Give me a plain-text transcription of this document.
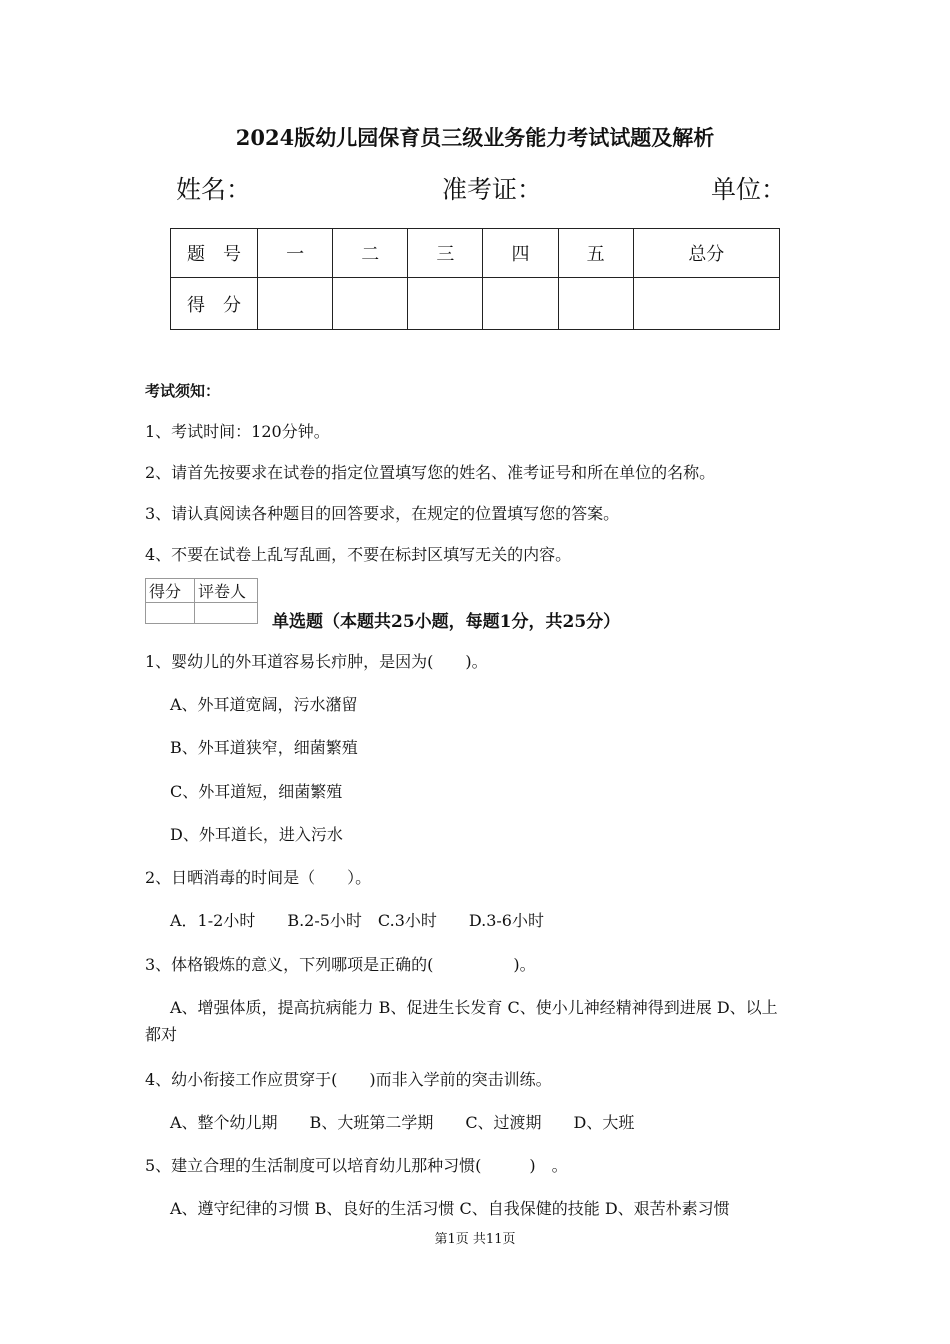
2024版幼儿园保育员三级业务能力考试试题及解析
姓名：	准考证：	单位：
题　号	一	二	三	四	五	总分
得　分						
考试须知：
1、考试时间：120分钟。
2、请首先按要求在试卷的指定位置填写您的姓名、准考证号和所在单位的名称。
3、请认真阅读各种题目的回答要求，在规定的位置填写您的答案。
4、不要在试卷上乱写乱画，不要在标封区填写无关的内容。
得分	评卷人

单选题（本题共25小题，每题1分，共25分）
1、婴幼儿的外耳道容易长疖肿，是因为(　　)。
A、外耳道宽阔，污水潴留
B、外耳道狭窄，细菌繁殖
C、外耳道短，细菌繁殖
D、外耳道长，进入污水
2、日晒消毒的时间是（　　）。
A．1-2小时　　B.2-5小时　C.3小时　　D.3-6小时
3、体格锻炼的意义，下列哪项是正确的(　　　　　)。
A、增强体质，提高抗病能力 B、促进生长发育 C、使小儿神经精神得到进展 D、以上
都对
4、幼小衔接工作应贯穿于(　　)而非入学前的突击训练。
A、整个幼儿期　　B、大班第二学期　　C、过渡期　　D、大班
5、建立合理的生活制度可以培育幼儿那种习惯(　　　)　。
A、遵守纪律的习惯 B、良好的生活习惯 C、自我保健的技能 D、艰苦朴素习惯
第1页 共11页
